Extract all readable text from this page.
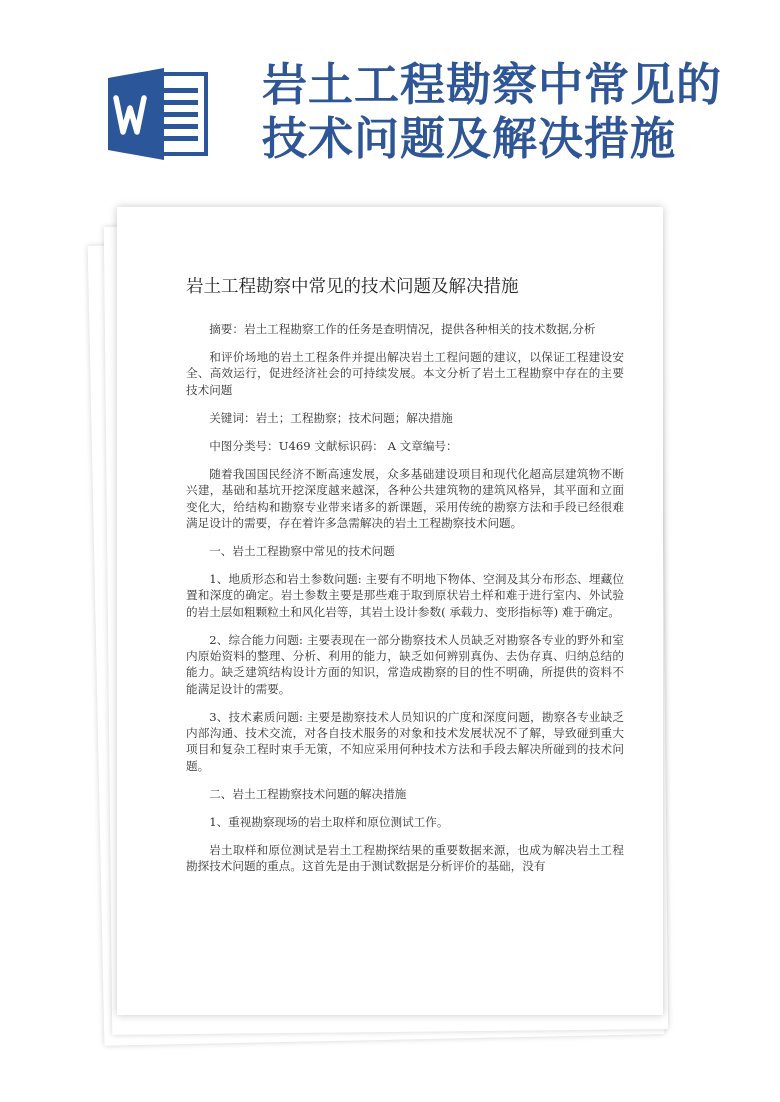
岩土工程勘察中常见的
技术问题及解决措施
岩土工程勘察中常见的技术问题及解决措施

摘要：岩土工程勘察工作的任务是查明情况，提供各种相关的技术数据,分析

和评价场地的岩土工程条件并提出解决岩土工程问题的建议，以保证工程建设安全、高效运行，促进经济社会的可持续发展。本文分析了岩土工程勘察中存在的主要技术问题

关键词：岩土；工程勘察；技术问题；解决措施

中图分类号：U469 文献标识码： A 文章编号：

随着我国国民经济不断高速发展，众多基础建设项目和现代化超高层建筑物不断兴建，基础和基坑开挖深度越来越深，各种公共建筑物的建筑风格异，其平面和立面变化大，给结构和勘察专业带来诸多的新课题，采用传统的勘察方法和手段已经很难满足设计的需要，存在着许多急需解决的岩土工程勘察技术问题。

一、岩土工程勘察中常见的技术问题

1、地质形态和岩土参数问题: 主要有不明地下物体、空洞及其分布形态、埋藏位置和深度的确定。岩土参数主要是那些难于取到原状岩土样和难于进行室内、外试验的岩土层如粗颗粒土和风化岩等，其岩土设计参数( 承载力、变形指标等) 难于确定。

2、综合能力问题: 主要表现在一部分勘察技术人员缺乏对勘察各专业的野外和室内原始资料的整理、分析、利用的能力，缺乏如何辨别真伪、去伪存真、归纳总结的能力。缺乏建筑结构设计方面的知识，常造成勘察的目的性不明确，所提供的资料不能满足设计的需要。

3、技术素质问题: 主要是勘察技术人员知识的广度和深度问题，勘察各专业缺乏内部沟通、技术交流，对各自技术服务的对象和技术发展状况不了解，导致碰到重大项目和复杂工程时束手无策，不知应采用何种技术方法和手段去解决所碰到的技术问题。

二、岩土工程勘察技术问题的解决措施

1、重视勘察现场的岩土取样和原位测试工作。

岩土取样和原位测试是岩土工程勘探结果的重要数据来源，也成为解决岩土工程勘探技术问题的重点。这首先是由于测试数据是分析评价的基础，没有
